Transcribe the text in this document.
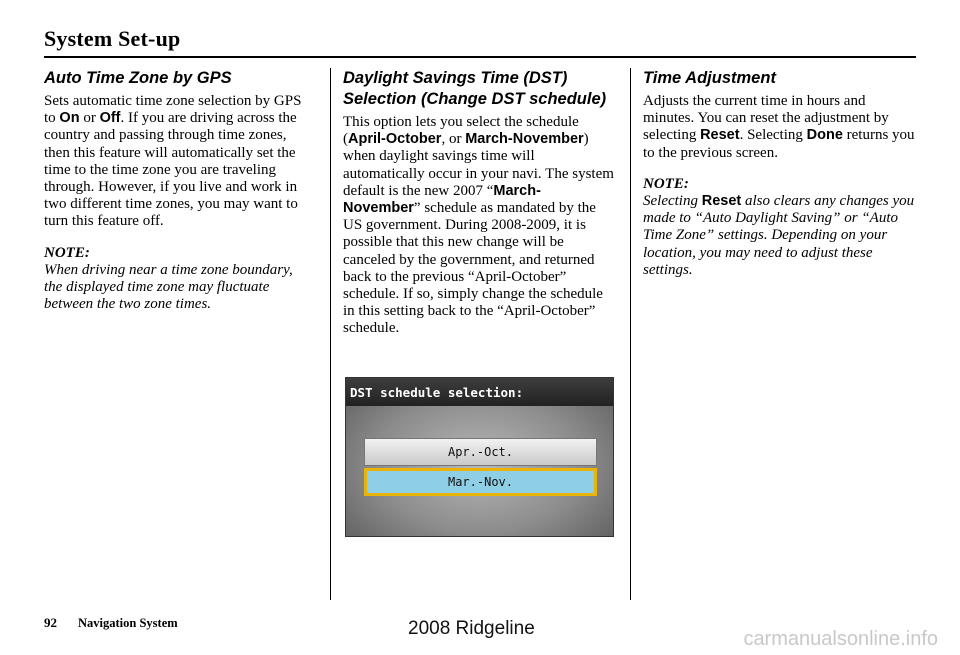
System Set-up
Auto Time Zone by GPS

Sets automatic time zone selection by GPS to On or Off. If you are driving across the country and passing through time zones, then this feature will automatically set the time to the time zone you are traveling through. However, if you live and work in two different time zones, you may want to turn this feature off.

NOTE:

When driving near a time zone boundary, the displayed time zone may fluctuate between the two zone times.

Daylight Savings Time (DST) Selection (Change DST schedule)

This option lets you select the schedule (April-October, or March-November) when daylight savings time will automatically occur in your navi. The system default is the new 2007 “March-November” schedule as mandated by the US government. During 2008-2009, it is possible that this new change will be canceled by the government, and returned back to the previous “April-October” schedule. If so, simply change the schedule in this setting back to the “April-October” schedule.

DST schedule selection:
Apr.-Oct.
Mar.-Nov.
Time Adjustment

Adjusts the current time in hours and minutes. You can reset the adjustment by selecting Reset. Selecting Done returns you to the previous screen.

NOTE:

Selecting Reset also clears any changes you made to “Auto Daylight Saving” or “Auto Time Zone” settings. Depending on your location, you may need to adjust these settings.

92 Navigation System	2008 Ridgeline	carmanualsonline.info
